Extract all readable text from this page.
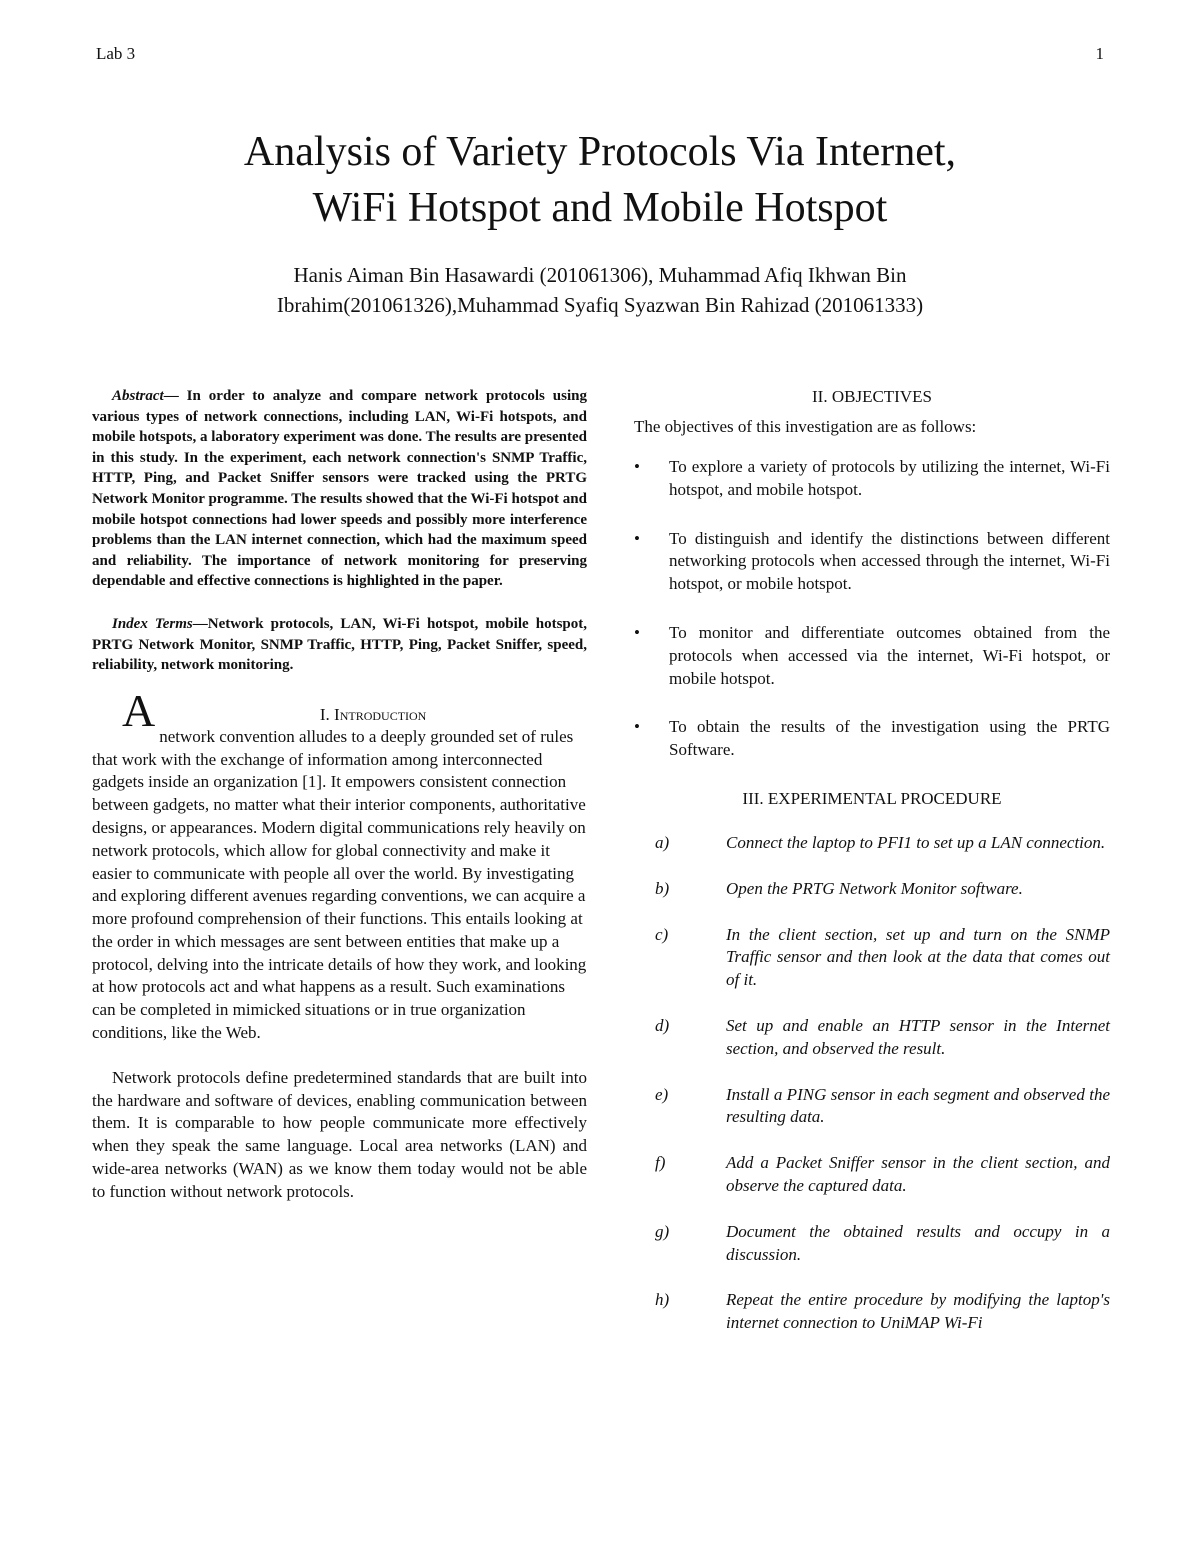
Lab 3	1
Analysis of Variety Protocols Via Internet,
WiFi Hotspot and Mobile Hotspot
Hanis Aiman Bin Hasawardi (201061306), Muhammad Afiq Ikhwan Bin
Ibrahim(201061326),Muhammad Syafiq Syazwan Bin Rahizad (201061333)

Abstract— In order to analyze and compare network protocols using various types of network connections, including LAN, Wi-Fi hotspots, and mobile hotspots, a laboratory experiment was done. The results are presented in this study. In the experiment, each network connection's SNMP Traffic, HTTP, Ping, and Packet Sniffer sensors were tracked using the PRTG Network Monitor programme. The results showed that the Wi-Fi hotspot and mobile hotspot connections had lower speeds and possibly more interference problems than the LAN internet connection, which had the maximum speed and reliability. The importance of network monitoring for preserving dependable and effective connections is highlighted in the paper.

Index Terms—Network protocols, LAN, Wi-Fi hotspot, mobile hotspot, PRTG Network Monitor, SNMP Traffic, HTTP, Ping, Packet Sniffer, speed, reliability, network monitoring.

A	I. Introduction

network convention alludes to a deeply grounded set of rules that work with the exchange of information among interconnected gadgets inside an organization [1]. It empowers consistent connection between gadgets, no matter what their interior components, authoritative designs, or appearances. Modern digital communications rely heavily on network protocols, which allow for global connectivity and make it easier to communicate with people all over the world. By investigating and exploring different avenues regarding conventions, we can acquire a more profound comprehension of their functions. This entails looking at the order in which messages are sent between entities that make up a protocol, delving into the intricate details of how they work, and looking at how protocols act and what happens as a result. Such examinations can be completed in mimicked situations or in true organization conditions, like the Web.

Network protocols define predetermined standards that are built into the hardware and software of devices, enabling communication between them. It is comparable to how people communicate more effectively when they speak the same language. Local area networks (LAN) and wide-area networks (WAN) as we know them today would not be able to function without network protocols.

II. OBJECTIVES

The objectives of this investigation are as follows:

• To explore a variety of protocols by utilizing the internet, Wi-Fi hotspot, and mobile hotspot.
• To distinguish and identify the distinctions between different networking protocols when accessed through the internet, Wi-Fi hotspot, or mobile hotspot.
• To monitor and differentiate outcomes obtained from the protocols when accessed via the internet, Wi-Fi hotspot, or mobile hotspot.
• To obtain the results of the investigation using the PRTG Software.
III. EXPERIMENTAL PROCEDURE
a)	Connect the laptop to PFI1 to set up a LAN connection.
b)	Open the PRTG Network Monitor software.
c)	In the client section, set up and turn on the SNMP Traffic sensor and then look at the data that comes out of it.
d)	Set up and enable an HTTP sensor in the Internet section, and observed the result.
e)	Install a PING sensor in each segment and observed the resulting data.
f)	Add a Packet Sniffer sensor in the client section, and observe the captured data.
g)	Document the obtained results and occupy in a discussion.
h)	Repeat the entire procedure by modifying the laptop's internet connection to UniMAP Wi-Fi
